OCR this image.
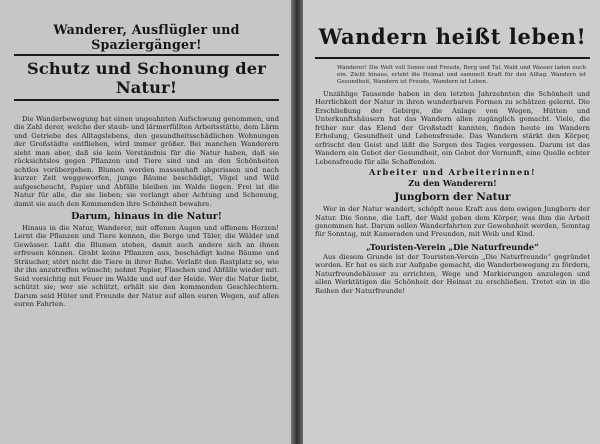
Wanderer, Ausflügler und Spaziergänger!

Schutz und Schonung der Natur!

Die Wanderbewegung hat einen ungeahnten Aufschwung genommen, und die Zahl derer, welche der staub- und lärmerfüllten Arbeitsstätte, dem Lärm und Getriebe des Alltagslebens, den gesundheitsschädlichen Wohnungen der Großstädte entfliehen, wird immer größer. Bei manchen Wanderern sieht man aber, daß sie kein Verständnis für die Natur haben, daß sie rücksichtslos gegen Pflanzen und Tiere sind und an den Schönheiten achtlos vorübergehen. Blumen werden massenhaft abgerissen und nach kurzer Zeit weggeworfen, junge Bäume beschädigt, Vögel und Wild aufgescheucht, Papier und Abfälle bleiben im Walde liegen. Frei ist die Natur für alle, die sie lieben; sie verlangt aber Achtung und Schonung, damit sie auch den Kommenden ihre Schönheit bewahre.

Darum, hinaus in die Natur!

Hinaus in die Natur, Wanderer, mit offenen Augen und offenem Herzen! Lernt die Pflanzen und Tiere kennen, die Berge und Täler, die Wälder und Gewässer. Laßt die Blumen stehen, damit auch andere sich an ihnen erfreuen können. Grabt keine Pflanzen aus, beschädigt keine Bäume und Sträucher, stört nicht die Tiere in ihrer Ruhe. Verlaßt den Rastplatz so, wie ihr ihn anzutreffen wünscht; nehmt Papier, Flaschen und Abfälle wieder mit. Seid vorsichtig mit Feuer im Walde und auf der Heide. Wer die Natur liebt, schützt sie; wer sie schützt, erhält sie den kommenden Geschlechtern. Darum seid Hüter und Freunde der Natur auf allen euren Wegen, auf allen euren Fahrten.

Wandern heißt leben!

Wanderer! Die Welt voll Sonne und Freude, Berg und Tal, Wald und Wasser laden euch ein. Zieht hinaus, erlebt die Heimat und sammelt Kraft für den Alltag. Wandern ist Gesundheit, Wandern ist Freude, Wandern ist Leben.

Unzählige Tausende haben in den letzten Jahrzehnten die Schönheit und Herrlichkeit der Natur in ihren wunderbaren Formen zu schätzen gelernt. Die Erschließung der Gebirge, die Anlage von Wegen, Hütten und Unterkunftshäusern hat das Wandern allen zugänglich gemacht. Viele, die früher nur das Elend der Großstadt kannten, finden heute im Wandern Erholung, Gesundheit und Lebensfreude. Das Wandern stärkt den Körper, erfrischt den Geist und läßt die Sorgen des Tages vergessen. Darum ist das Wandern ein Gebot der Gesundheit, ein Gebot der Vernunft, eine Quelle echter Lebensfreude für alle Schaffenden.

Arbeiter und Arbeiterinnen!

Zu den Wanderern!

Jungborn der Natur

Wer in der Natur wandert, schöpft neue Kraft aus dem ewigen Jungborn der Natur. Die Sonne, die Luft, der Wald geben dem Körper, was ihm die Arbeit genommen hat. Darum sollen Wanderfahrten zur Gewohnheit werden, Sonntag für Sonntag, mit Kameraden und Freunden, mit Weib und Kind.

„Touristen-Verein „Die Naturfreunde“

Aus diesem Grunde ist der Touristen-Verein „Die Naturfreunde“ gegründet worden. Er hat es sich zur Aufgabe gemacht, die Wanderbewegung zu fördern, Naturfreundehäuser zu errichten, Wege und Markierungen anzulegen und allen Werktätigen die Schönheit der Heimat zu erschließen. Tretet ein in die Reihen der Naturfreunde!
